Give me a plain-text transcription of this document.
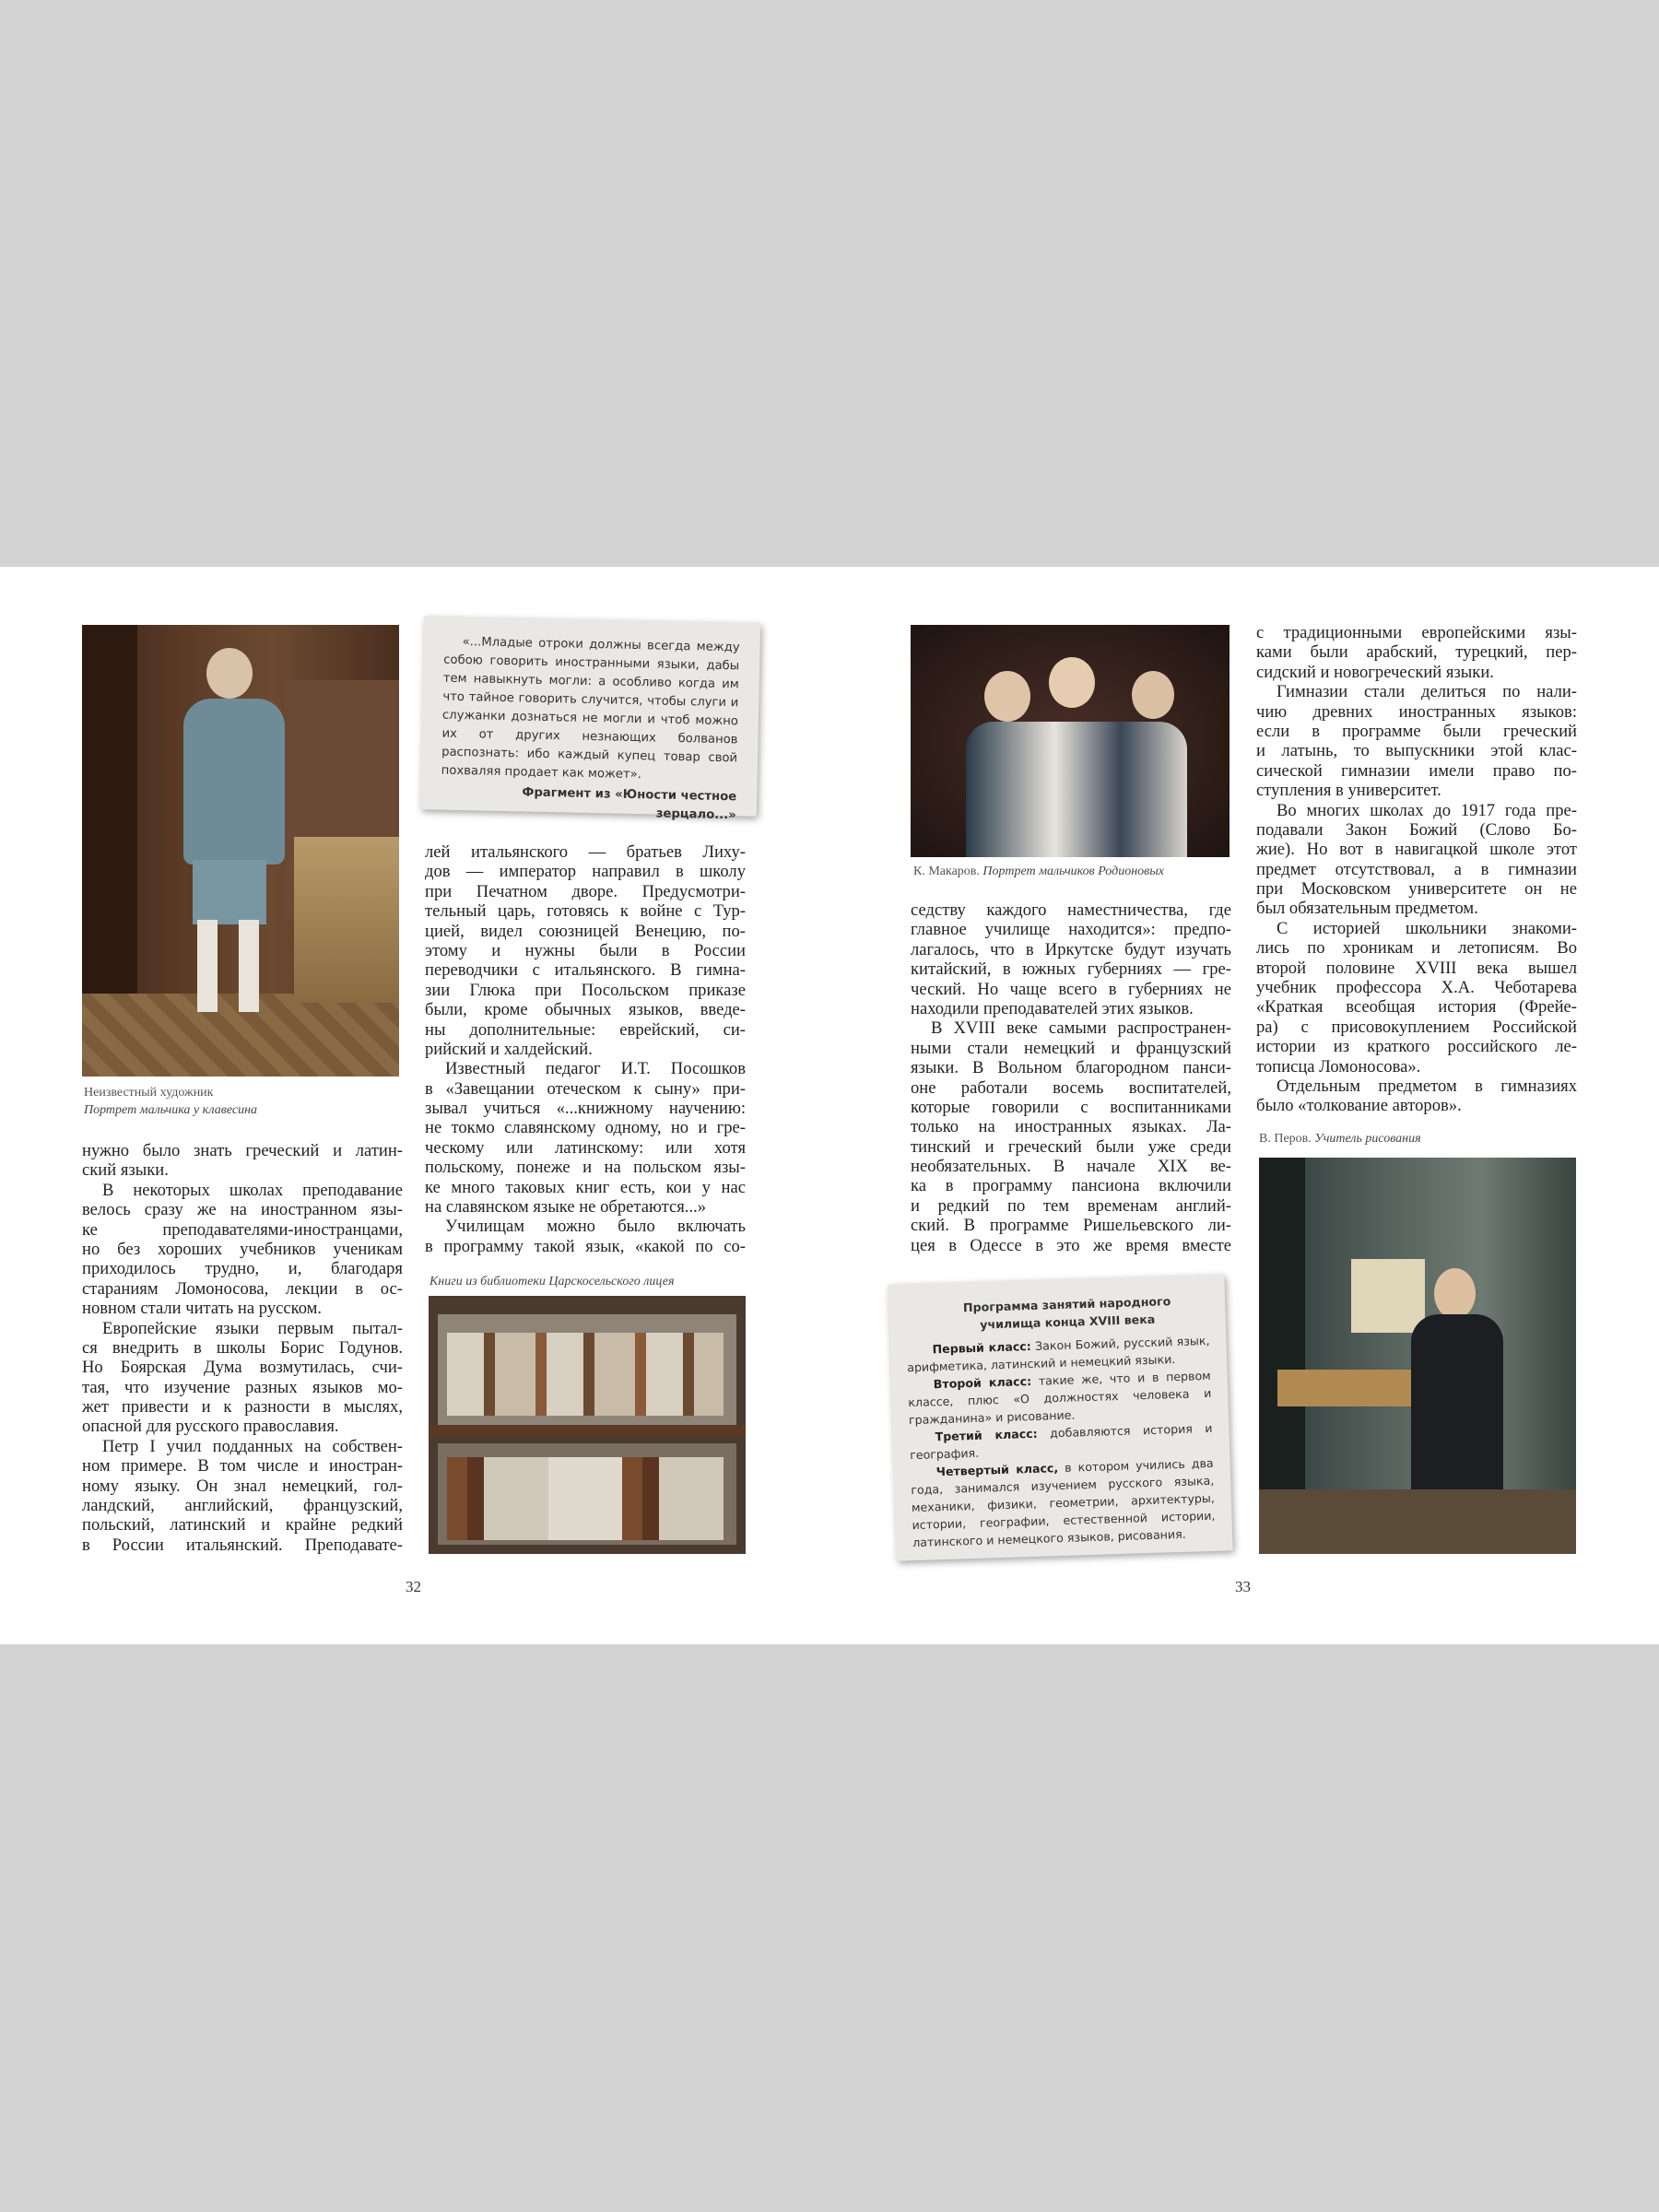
Неизвестный художник
Портрет мальчика у клавесина
нужно было знать греческий и латин-
ский языки.
В некоторых школах преподавание
велось сразу же на иностранном язы-
ке преподавателями-иностранцами,
но без хороших учебников ученикам
приходилось трудно, и, благодаря
стараниям Ломоносова, лекции в ос-
новном стали читать на русском.
Европейские языки первым пытал-
ся внедрить в школы Борис Годунов.
Но Боярская Дума возмутилась, счи-
тая, что изучение разных языков мо-
жет привести и к разности в мыслях,
опасной для русского православия.
Петр I учил подданных на собствен-
ном примере. В том числе и иностран-
ному языку. Он знал немецкий, гол-
ландский, английский, французский,
польский, латинский и крайне редкий
в России итальянский. Преподавате-
«...Младые отроки должны всегда между собою говорить иностранными языки, дабы тем навыкнуть могли: а особливо когда им что тайное говорить случится, чтобы слуги и служанки дознаться не могли и чтоб можно их от других незнающих болванов распознать: ибо каждый купец товар свой похваляя продает как может».
Фрагмент из «Юности честное зерцало...»
лей итальянского — братьев Лиху-
дов — император направил в школу
при Печатном дворе. Предусмотри-
тельный царь, готовясь к войне с Тур-
цией, видел союзницей Венецию, по-
этому и нужны были в России
переводчики с итальянского. В гимна-
зии Глюка при Посольском приказе
были, кроме обычных языков, введе-
ны дополнительные: еврейский, си-
рийский и халдейский.
Известный педагог И.Т. Посошков
в «Завещании отеческом к сыну» при-
зывал учиться «...книжному научению:
не токмо славянскому одному, но и гре-
ческому или латинскому: или хотя
польскому, понеже и на польском язы-
ке много таковых книг есть, кои у нас
на славянском языке не обретаются...»
Училищам можно было включать
в программу такой язык, «какой по со-
Книги из библиотеки Царскосельского лицея
32
К. Макаров. Портрет мальчиков Родионовых
седству каждого наместничества, где
главное училище находится»: предпо-
лагалось, что в Иркутске будут изучать
китайский, в южных губерниях — гре-
ческий. Но чаще всего в губерниях не
находили преподавателей этих языков.
В XVIII веке самыми распространен-
ными стали немецкий и французский
языки. В Вольном благородном панси-
оне работали восемь воспитателей,
которые говорили с воспитанниками
только на иностранных языках. Ла-
тинский и греческий были уже среди
необязательных. В начале XIX ве-
ка в программу пансиона включили
и редкий по тем временам англий-
ский. В программе Ришельевского ли-
цея в Одессе в это же время вместе
Программа занятий народного училища конца XVIII века
Первый класс: Закон Божий, русский язык, арифметика, латинский и немецкий языки.
Второй класс: такие же, что и в первом классе, плюс «О должностях человека и гражданина» и рисование.
Третий класс: добавляются история и география.
Четвертый класс, в котором учились два года, занимался изучением русского языка, механики, физики, геометрии, архитектуры, истории, географии, естественной истории, латинского и немецкого языков, рисования.
с традиционными европейскими язы-
ками были арабский, турецкий, пер-
сидский и новогреческий языки.
Гимназии стали делиться по нали-
чию древних иностранных языков:
если в программе были греческий
и латынь, то выпускники этой клас-
сической гимназии имели право по-
ступления в университет.
Во многих школах до 1917 года пре-
подавали Закон Божий (Слово Бо-
жие). Но вот в навигацкой школе этот
предмет отсутствовал, а в гимназии
при Московском университете он не
был обязательным предметом.
С историей школьники знакоми-
лись по хроникам и летописям. Во
второй половине XVIII века вышел
учебник профессора Х.А. Чеботарева
«Краткая всеобщая история (Фрейе-
ра) с присовокуплением Российской
истории из краткого российского ле-
тописца Ломоносова».
Отдельным предметом в гимназиях
было «толкование авторов».
В. Перов. Учитель рисования
33
